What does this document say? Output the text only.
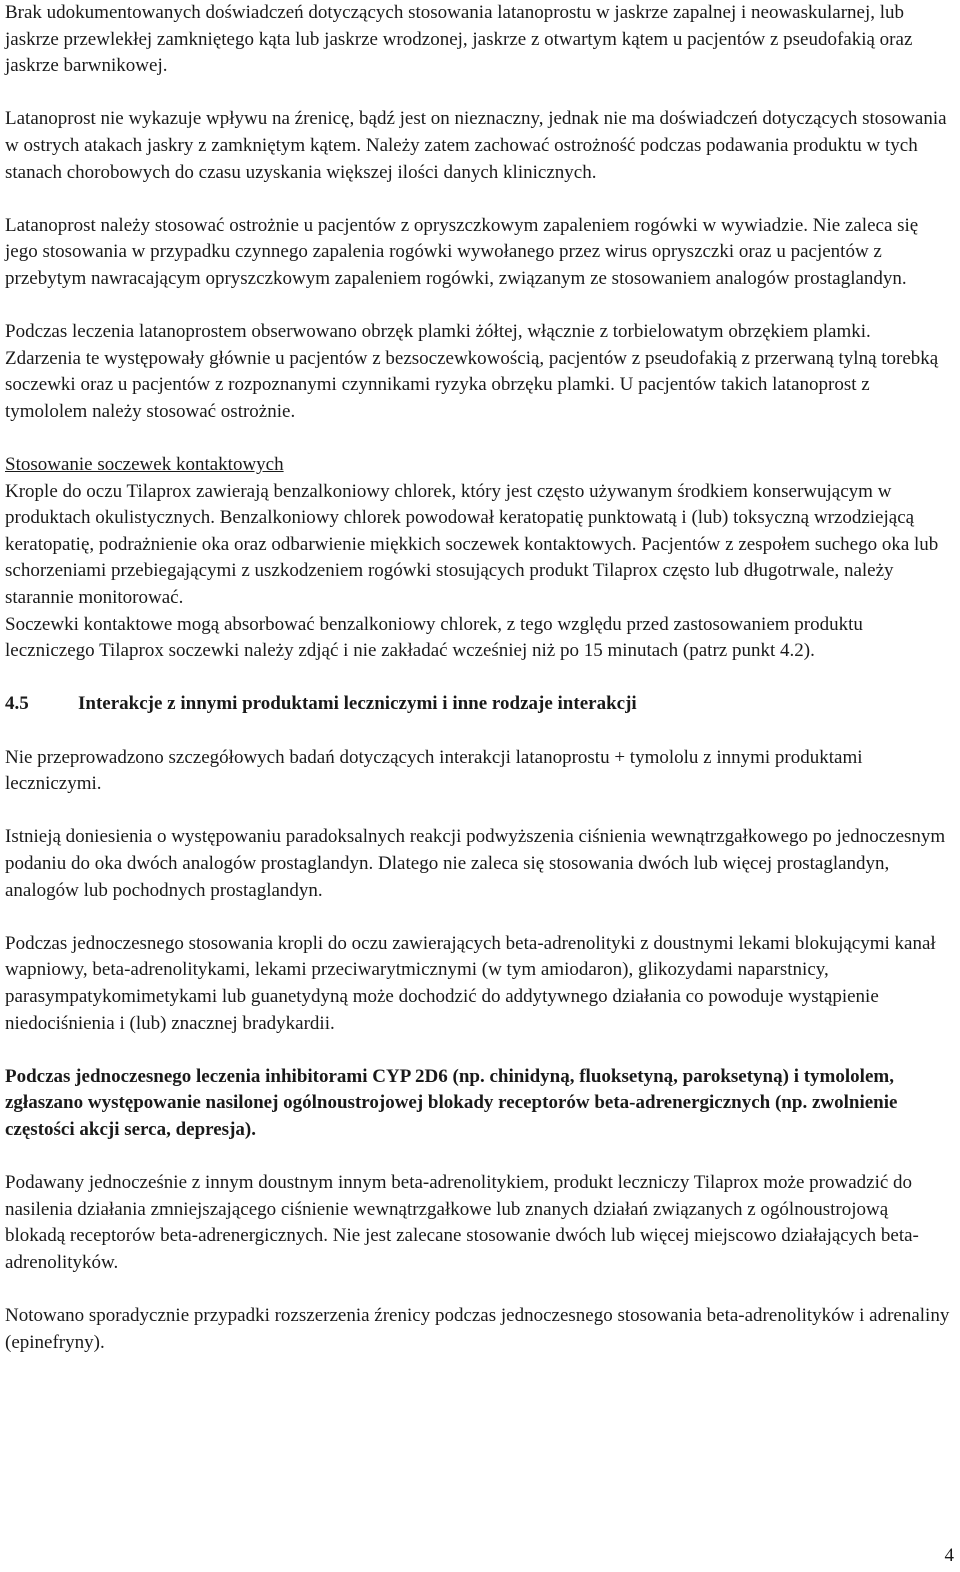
Brak udokumentowanych doświadczeń dotyczących stosowania latanoprostu w jaskrze zapalnej i neowaskularnej, lub jaskrze przewlekłej zamkniętego kąta lub jaskrze wrodzonej, jaskrze z otwartym kątem u pacjentów z pseudofakią oraz jaskrze barwnikowej.

Latanoprost nie wykazuje wpływu na źrenicę, bądź jest on nieznaczny, jednak nie ma doświadczeń dotyczących stosowania w ostrych atakach jaskry z zamkniętym kątem. Należy zatem zachować ostrożność podczas podawania produktu w tych stanach chorobowych do czasu uzyskania większej ilości danych klinicznych.

Latanoprost należy stosować ostrożnie u pacjentów z opryszczkowym zapaleniem rogówki w wywiadzie. Nie zaleca się jego stosowania w przypadku czynnego zapalenia rogówki wywołanego przez wirus opryszczki oraz u pacjentów z przebytym nawracającym opryszczkowym zapaleniem rogówki, związanym ze stosowaniem analogów prostaglandyn.

Podczas leczenia latanoprostem obserwowano obrzęk plamki żółtej, włącznie z torbielowatym obrzękiem plamki. Zdarzenia te występowały głównie u pacjentów z bezsoczewkowością, pacjentów z pseudofakią z przerwaną tylną torebką soczewki oraz u pacjentów z rozpoznanymi czynnikami ryzyka obrzęku plamki. U pacjentów takich latanoprost z tymololem należy stosować ostrożnie.

Stosowanie soczewek kontaktowych

Krople do oczu Tilaprox zawierają benzalkoniowy chlorek, który jest często używanym środkiem konserwującym w produktach okulistycznych. Benzalkoniowy chlorek powodował keratopatię punktowatą i (lub) toksyczną wrzodziejącą keratopatię, podrażnienie oka oraz odbarwienie miękkich soczewek kontaktowych. Pacjentów z zespołem suchego oka lub schorzeniami przebiegającymi z uszkodzeniem rogówki stosujących produkt Tilaprox często lub długotrwale, należy starannie monitorować.

Soczewki kontaktowe mogą absorbować benzalkoniowy chlorek, z tego względu przed zastosowaniem produktu leczniczego Tilaprox soczewki należy zdjąć i nie zakładać wcześniej niż po 15 minutach (patrz punkt 4.2).

4.5	Interakcje z innymi produktami leczniczymi i inne rodzaje interakcji

Nie przeprowadzono szczegółowych badań dotyczących interakcji latanoprostu + tymololu z innymi produktami leczniczymi.

Istnieją doniesienia o występowaniu paradoksalnych reakcji podwyższenia ciśnienia wewnątrzgałkowego po jednoczesnym podaniu do oka dwóch analogów prostaglandyn. Dlatego nie zaleca się stosowania dwóch lub więcej prostaglandyn, analogów lub pochodnych prostaglandyn.

Podczas jednoczesnego stosowania kropli do oczu zawierających beta-adrenolityki z doustnymi lekami blokującymi kanał wapniowy, beta-adrenolitykami, lekami przeciwarytmicznymi (w tym amiodaron), glikozydami naparstnicy, parasympatykomimetykami lub guanetydyną może dochodzić do addytywnego działania co powoduje wystąpienie niedociśnienia i (lub) znacznej bradykardii.

Podczas jednoczesnego leczenia inhibitorami CYP 2D6 (np. chinidyną, fluoksetyną, paroksetyną) i tymololem, zgłaszano występowanie nasilonej ogólnoustrojowej blokady receptorów beta-adrenergicznych (np. zwolnienie częstości akcji serca, depresja).

Podawany jednocześnie z innym doustnym innym beta-adrenolitykiem, produkt leczniczy Tilaprox może prowadzić do nasilenia działania zmniejszającego ciśnienie wewnątrzgałkowe lub znanych działań związanych z ogólnoustrojową blokadą receptorów beta-adrenergicznych. Nie jest zalecane stosowanie dwóch lub więcej miejscowo działających beta-adrenolityków.

Notowano sporadycznie przypadki rozszerzenia źrenicy podczas jednoczesnego stosowania beta-adrenolityków i adrenaliny (epinefryny).

4
